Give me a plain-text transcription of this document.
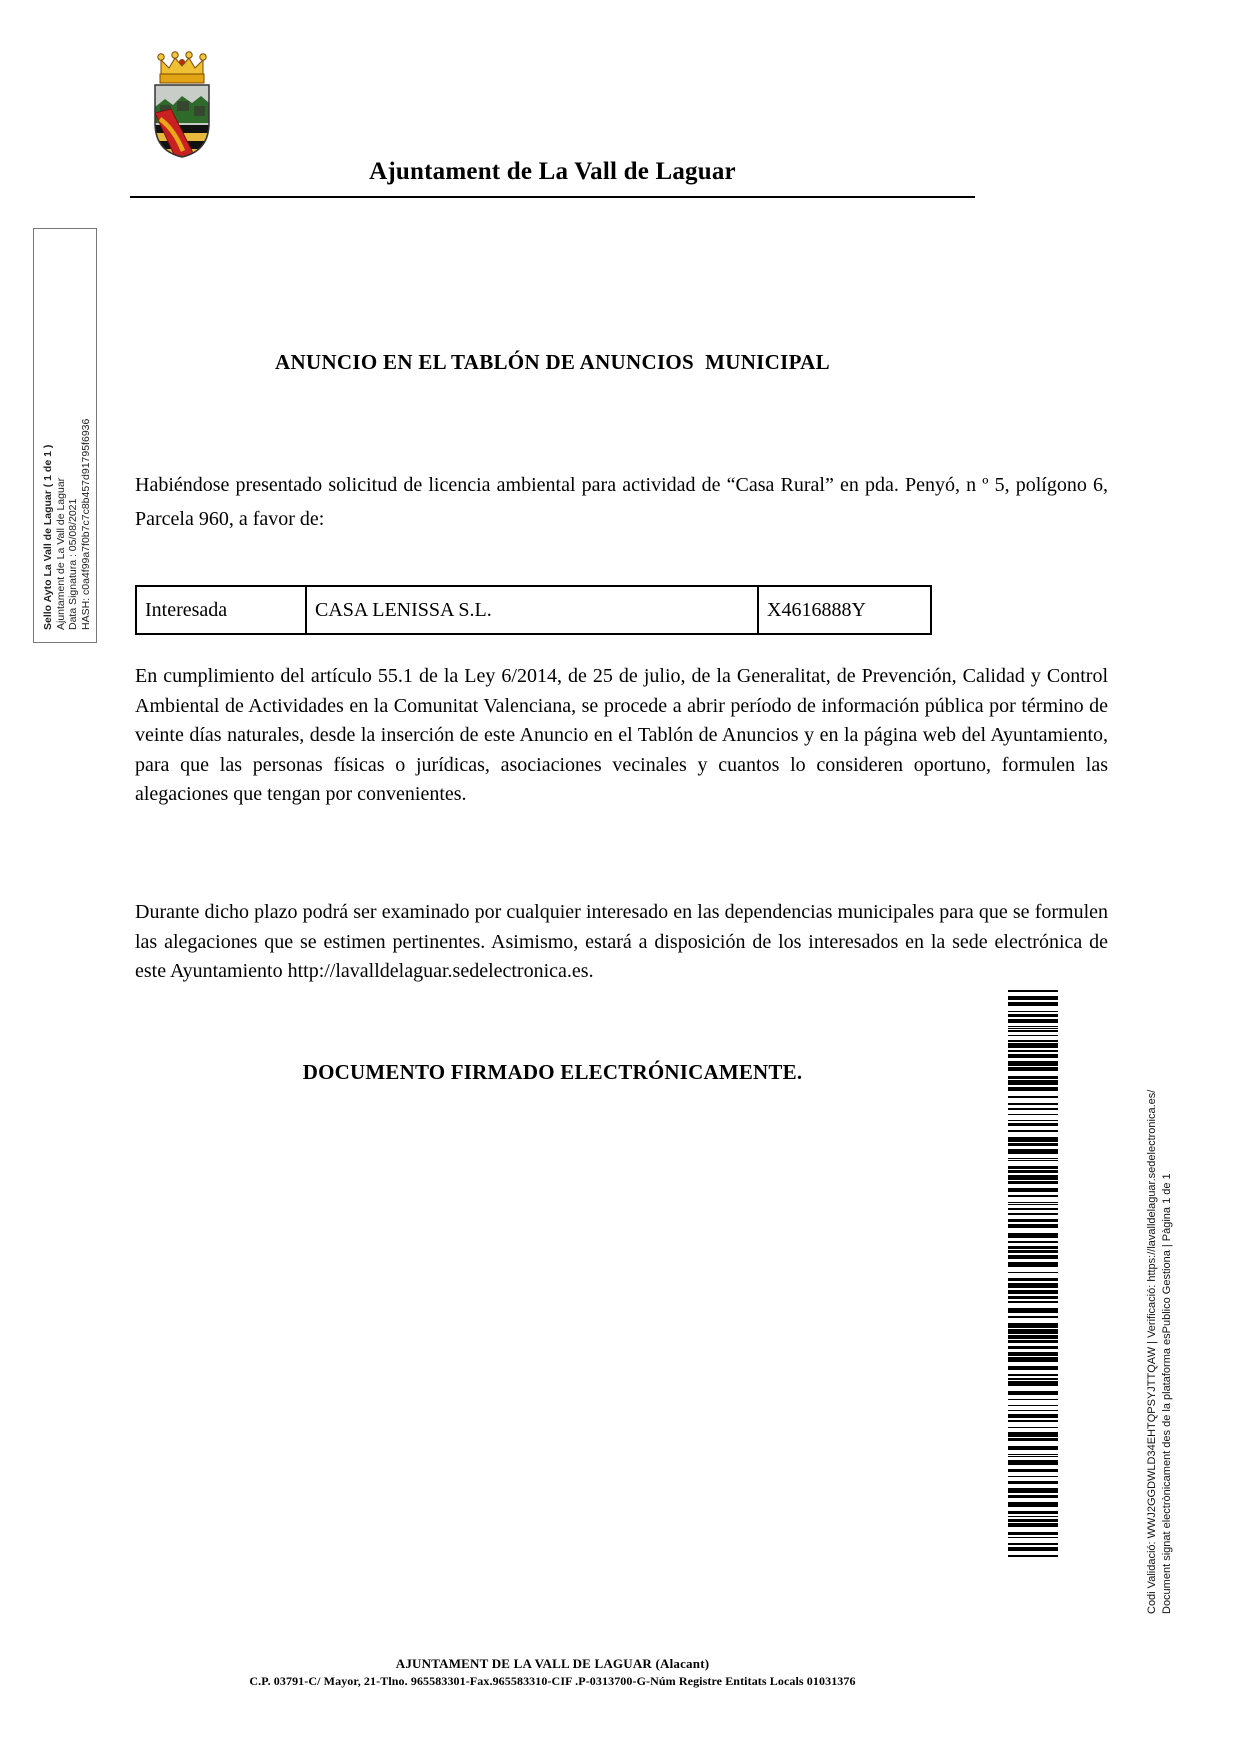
Ajuntament de La Vall de Laguar
Sello Ayto La Vall de Laguar ( 1 de 1 ) Ajuntament de La Vall de Laguar Data Signatura : 05/08/2021 HASH: c0a4f99a7f0b7c7c8b457d91795f6936
ANUNCIO EN EL TABLÓN DE ANUNCIOS  MUNICIPAL

Habiéndose presentado solicitud de licencia ambiental para actividad de “Casa Rural” en pda. Penyó, n º 5, polígono 6, Parcela 960, a favor de:

Interesada	CASA LENISSA S.L.	X4616888Y

En cumplimiento del artículo 55.1 de la Ley 6/2014, de 25 de julio, de la Generalitat, de Prevención, Calidad y Control Ambiental de Actividades en la Comunitat Valenciana, se procede a abrir período de información pública por término de veinte días naturales, desde la inserción de este Anuncio en el Tablón de Anuncios y en la página web del Ayuntamiento, para que las personas físicas o jurídicas, asociaciones vecinales y cuantos lo consideren oportuno, formulen las alegaciones que tengan por convenientes.

Durante dicho plazo podrá ser examinado por cualquier interesado en las dependencias municipales para que se formulen las alegaciones que se estimen pertinentes. Asimismo, estará a disposición de los interesados en la sede electrónica de este Ayuntamiento http://lavalldelaguar.sedelectronica.es.

DOCUMENTO FIRMADO ELECTRÓNICAMENTE.
Codi Validació: WWJ2GGDWLD34EHTQPSYJTTQAW | Verificació: https://lavalldelaguar.sedelectronica.es/ Document signat electrònicament des de la plataforma esPublico Gestiona | Pàgina 1 de 1
AJUNTAMENT DE LA VALL DE LAGUAR (Alacant)
C.P. 03791-C/ Mayor, 21-Tlno. 965583301-Fax.965583310-CIF .P-0313700-G-Núm Registre Entitats Locals 01031376
